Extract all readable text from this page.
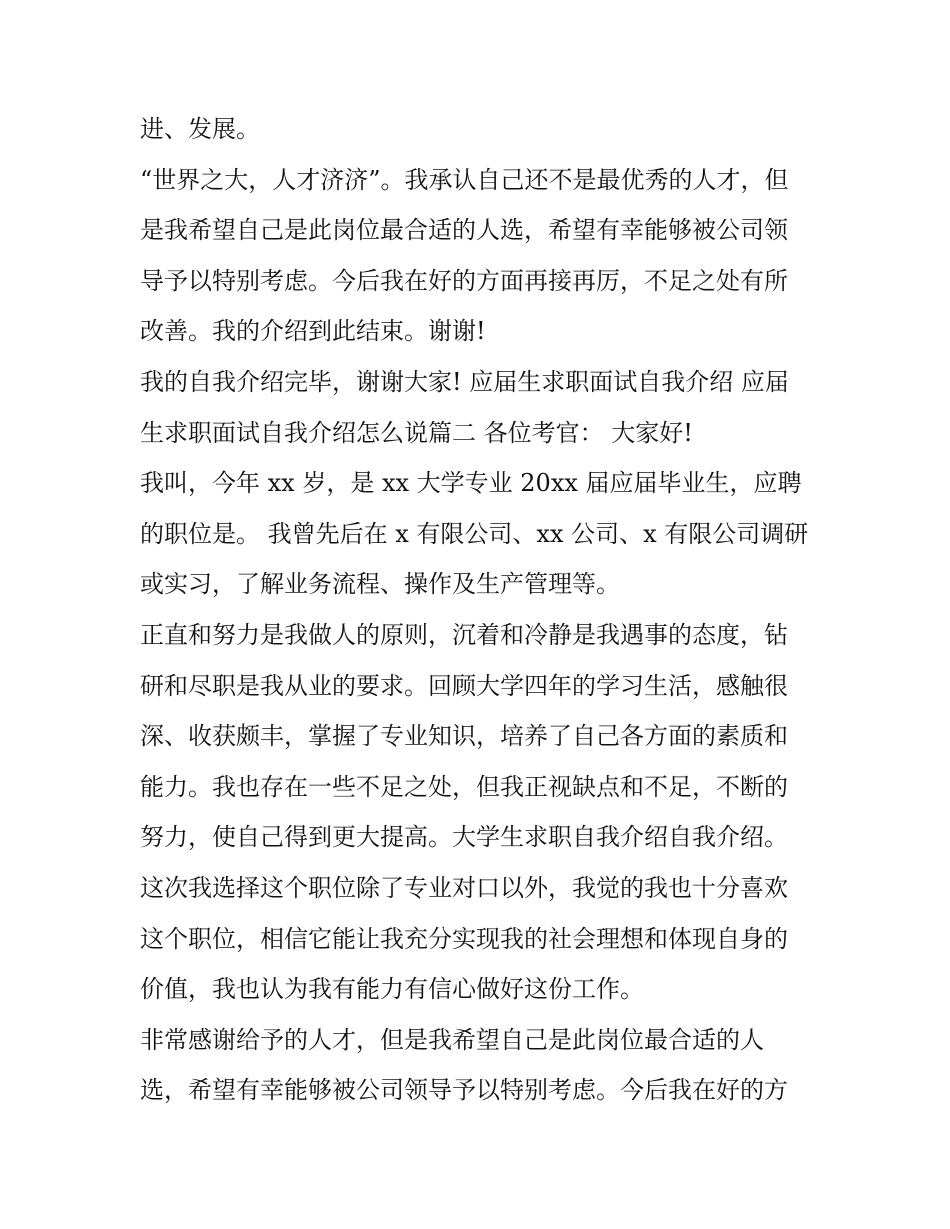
进、发展。
“世界之大，人才济济”。我承认自己还不是最优秀的人才，但
是我希望自己是此岗位最合适的人选，希望有幸能够被公司领
导予以特别考虑。今后我在好的方面再接再厉，不足之处有所
改善。我的介绍到此结束。谢谢!
我的自我介绍完毕，谢谢大家! 应届生求职面试自我介绍 应届
生求职面试自我介绍怎么说篇二 各位考官： 大家好!
我叫，今年 xx 岁，是 xx 大学专业 20xx 届应届毕业生，应聘
的职位是。 我曾先后在 x 有限公司、xx 公司、x 有限公司调研
或实习，了解业务流程、操作及生产管理等。
正直和努力是我做人的原则，沉着和冷静是我遇事的态度，钻
研和尽职是我从业的要求。回顾大学四年的学习生活，感触很
深、收获颇丰，掌握了专业知识，培养了自己各方面的素质和
能力。我也存在一些不足之处，但我正视缺点和不足，不断的
努力，使自己得到更大提高。大学生求职自我介绍自我介绍。
这次我选择这个职位除了专业对口以外，我觉的我也十分喜欢
这个职位，相信它能让我充分实现我的社会理想和体现自身的
价值，我也认为我有能力有信心做好这份工作。
非常感谢给予的人才，但是我希望自己是此岗位最合适的人
选，希望有幸能够被公司领导予以特别考虑。今后我在好的方
